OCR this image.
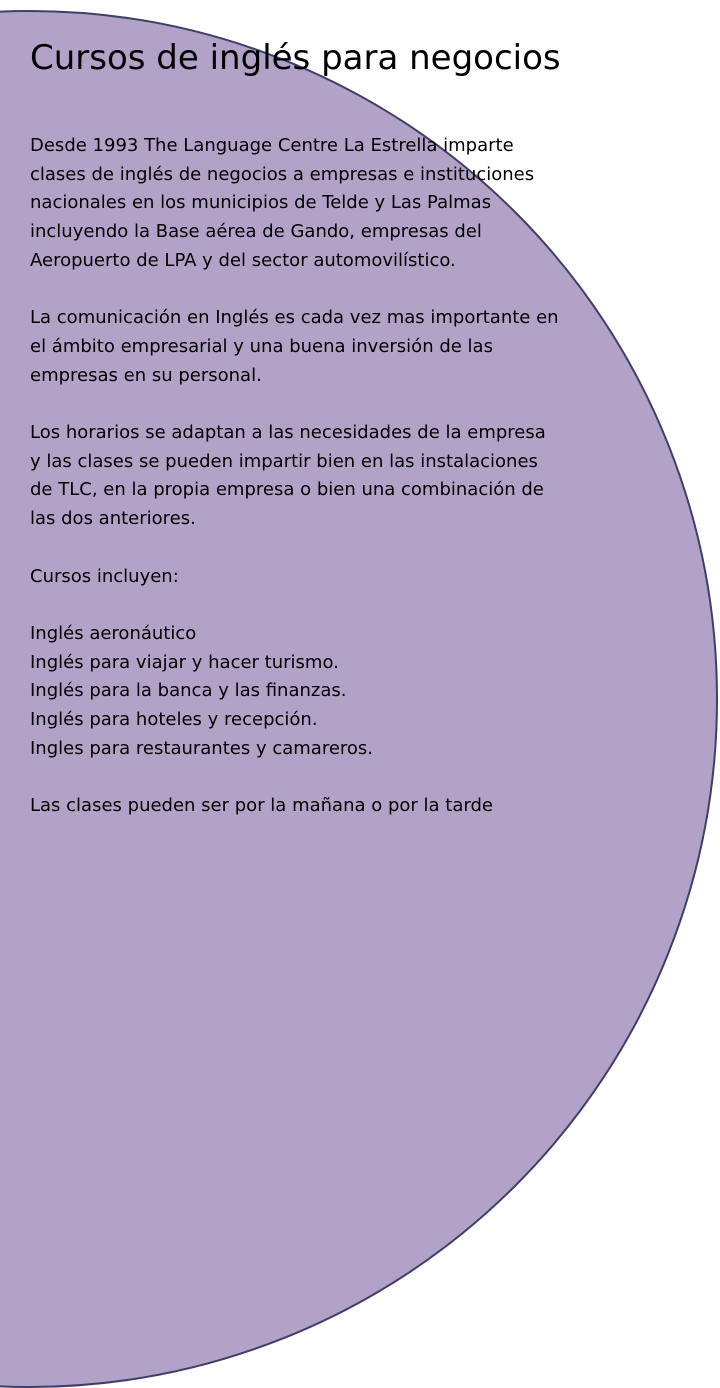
Cursos de inglés para negocios
Desde 1993 The Language Centre La Estrella imparte
clases de inglés de negocios a empresas e instituciones
nacionales en los municipios de Telde y Las Palmas
incluyendo la Base aérea de Gando, empresas del
Aeropuerto de LPA y del sector automovilístico.
La comunicación en Inglés es cada vez mas importante en
el ámbito empresarial y una buena inversión de las
empresas en su personal.
Los horarios se adaptan a las necesidades de la empresa
y las clases se pueden impartir bien en las instalaciones
de TLC, en la propia empresa o bien una combinación de
las dos anteriores.
Cursos incluyen:
Inglés aeronáutico
Inglés para viajar y hacer turismo.
Inglés para la banca y las finanzas.
Inglés para hoteles y recepción.
Ingles para restaurantes y camareros.
Las clases pueden ser por la mañana o por la tarde
